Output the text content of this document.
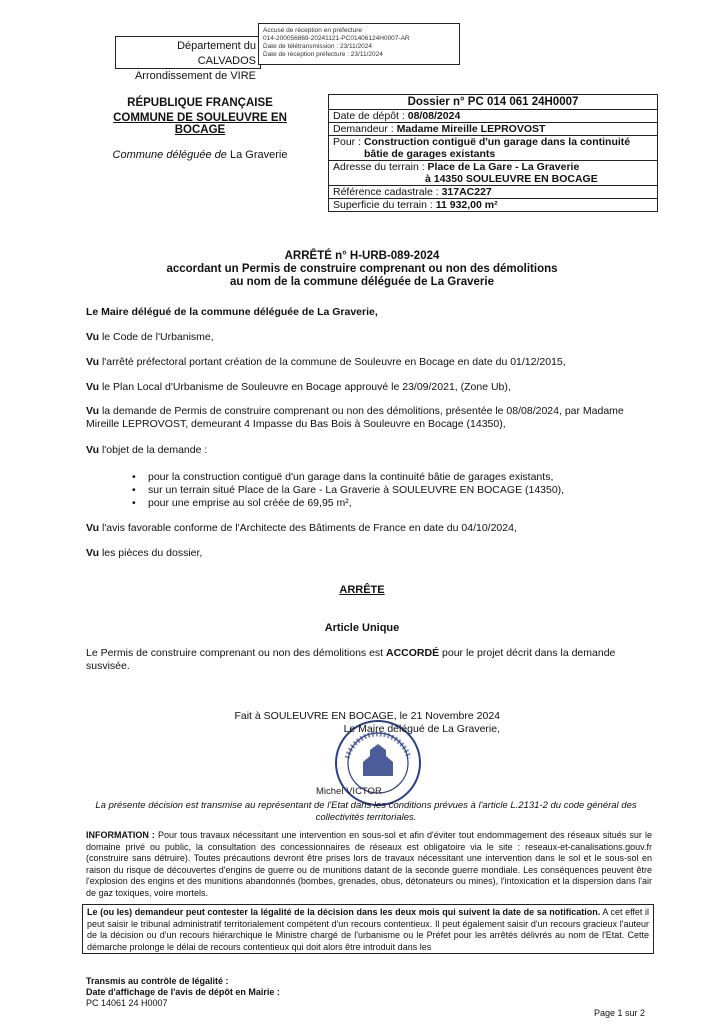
Département du CALVADOS
Arrondissement de VIRE
Accusé de réception en préfecture
014-200056869-20241121-PC01406124H0007-AR
Date de télétransmission : 23/11/2024
Date de réception préfecture : 23/11/2024
RÉPUBLIQUE FRANÇAISE
COMMUNE DE SOULEUVRE EN BOCAGE
Commune déléguée de La Graverie
Dossier n° PC 014 061 24H0007
Date de dépôt : 08/08/2024
Demandeur : Madame Mireille LEPROVOST
Pour : Construction contiguë d'un garage dans la continuité bâtie de garages existants
Adresse du terrain : Place de La Gare - La Graverie
à 14350 SOULEUVRE EN BOCAGE
Référence cadastrale : 317AC227
Superficie du terrain : 11 932,00 m²
ARRÊTÉ n° H-URB-089-2024
accordant un Permis de construire comprenant ou non des démolitions
au nom de la commune déléguée de La Graverie
Le Maire délégué de la commune déléguée de La Graverie,
Vu le Code de l'Urbanisme,
Vu l'arrêté préfectoral portant création de la commune de Souleuvre en Bocage en date du 01/12/2015,
Vu le Plan Local d'Urbanisme de Souleuvre en Bocage approuvé le 23/09/2021, (Zone Ub),
Vu la demande de Permis de construire comprenant ou non des démolitions, présentée le 08/08/2024, par Madame Mireille LEPROVOST, demeurant 4 Impasse du Bas Bois à Souleuvre en Bocage (14350),
Vu l'objet de la demande :
• pour la construction contiguë d'un garage dans la continuité bâtie de garages existants,
• sur un terrain situé Place de la Gare - La Graverie à SOULEUVRE EN BOCAGE (14350),
• pour une emprise au sol créée de 69,95 m²,
Vu l'avis favorable conforme de l'Architecte des Bâtiments de France en date du 04/10/2024,
Vu les pièces du dossier,
ARRÊTE
Article Unique
Le Permis de construire comprenant ou non des démolitions est ACCORDÉ pour le projet décrit dans la demande susvisée.
Fait à SOULEUVRE EN BOCAGE, le 21 Novembre 2024
Le Maire délégué de La Graverie,
Michel VICTOR
La présente décision est transmise au représentant de l'Etat dans les conditions prévues à l'article L.2131-2 du code général des collectivités territoriales.
INFORMATION : Pour tous travaux nécessitant une intervention en sous-sol et afin d'éviter tout endommagement des réseaux situés sur le domaine privé ou public, la consultation des concessionnaires de réseaux est obligatoire via le site : reseaux-et-canalisations.gouv.fr (construire sans détruire). Toutes précautions devront être prises lors de travaux nécessitant une intervention dans le sol et le sous-sol en raison du risque de découvertes d'engins de guerre ou de munitions datant de la seconde guerre mondiale. Les conséquences peuvent être l'explosion des engins et des munitions abandonnés (bombes, grenades, obus, détonateurs ou mines), l'intoxication et la dispersion dans l'air de gaz toxiques, voire mortels.
Le (ou les) demandeur peut contester la légalité de la décision dans les deux mois qui suivent la date de sa notification. A cet effet il peut saisir le tribunal administratif territorialement compétent d'un recours contentieux. Il peut également saisir d'un recours gracieux l'auteur de la décision ou d'un recours hiérarchique le Ministre chargé de l'urbanisme ou le Préfet pour les arrêtés délivrés au nom de l'Etat. Cette démarche prolonge le délai de recours contentieux qui doit alors être introduit dans les
Transmis au contrôle de légalité :
Date d'affichage de l'avis de dépôt en Mairie :
PC 14061 24 H0007
Page 1 sur 2
